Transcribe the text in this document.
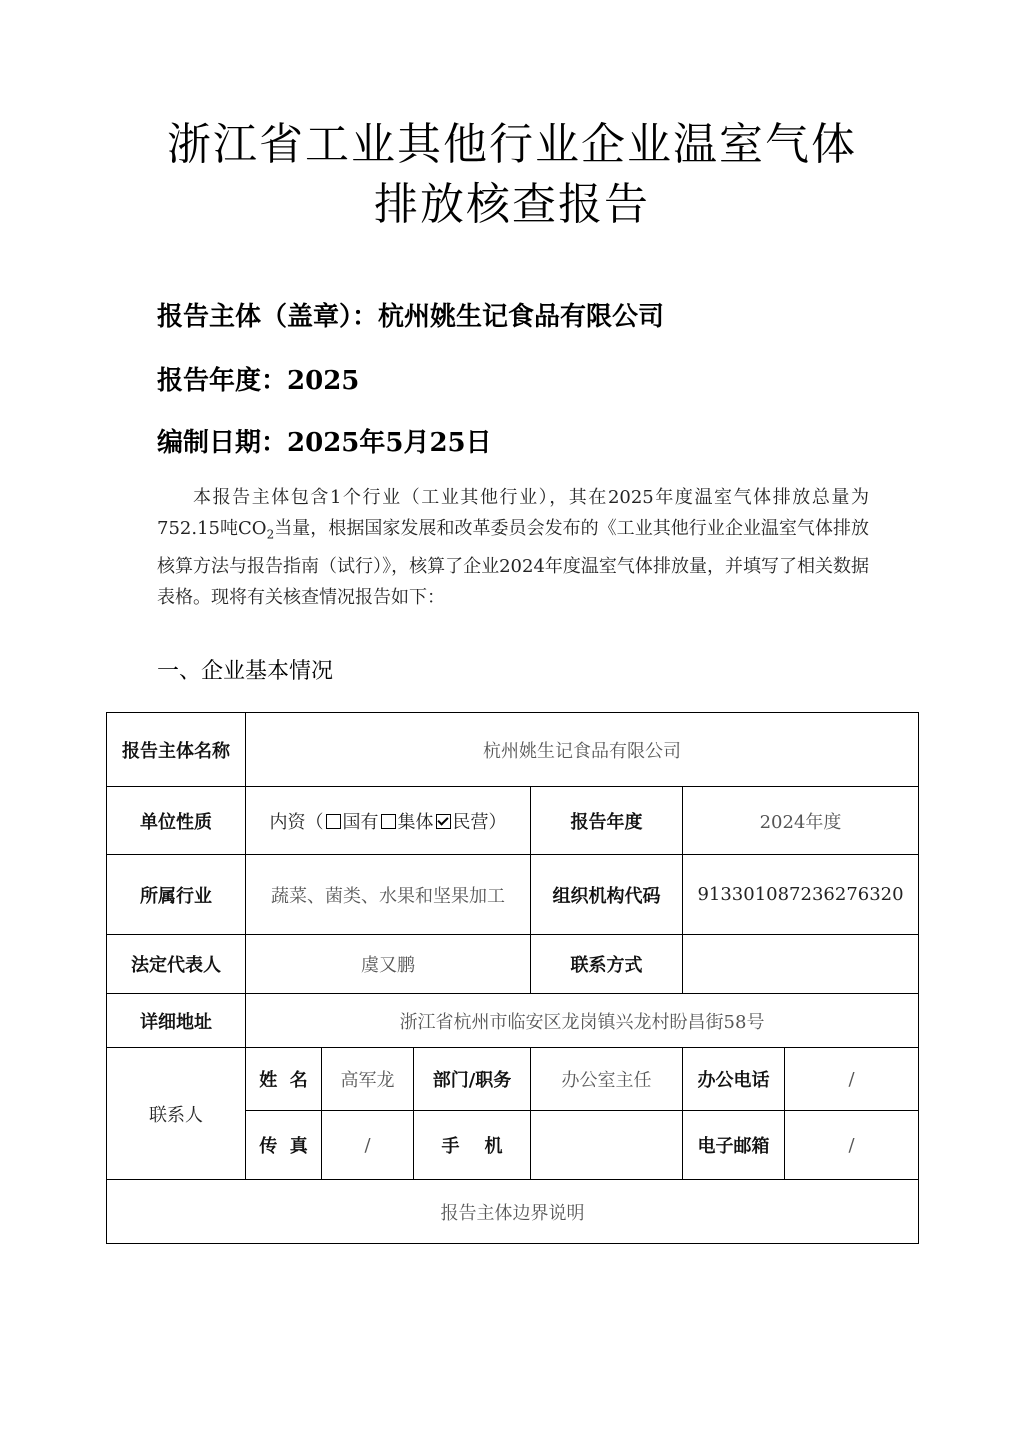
浙江省工业其他行业企业温室气体
排放核查报告
报告主体（盖章）：杭州姚生记食品有限公司
报告年度：2025
编制日期：2025年5月25日
本报告主体包含1个行业（工业其他行业），其在2025年度温室气体排放总量为752.15吨$CO_2$当量，根据国家发展和改革委员会发布的《工业其他行业企业温室气体排放核算方法与报告指南（试行）》，核算了企业2024年度温室气体排放量，并填写了相关数据表格。现将有关核查情况报告如下：
一、企业基本情况
报告主体名称	杭州姚生记食品有限公司					
单位性质	内资（ 国有 集体 民营）			报告年度	2024年度	
所属行业	蔬菜、菌类、水果和坚果加工			组织机构代码	913301087236276320	
法定代表人	虞又鹏			联系方式		
详细地址	浙江省杭州市临安区龙岗镇兴龙村盼昌街58号					
联系人	姓  名	高军龙	部门/职务	办公室主任	办公电话	/
	传  真	/	手    机		电子邮箱	/
报告主体边界说明						
